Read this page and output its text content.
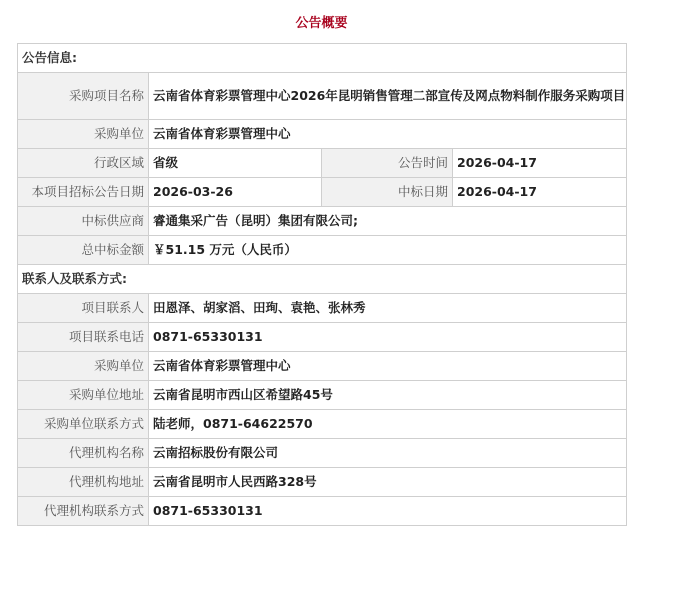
公告概要
公告信息:			
采购项目名称	云南省体育彩票管理中心2026年昆明销售管理二部宣传及网点物料制作服务采购项目		
采购单位	云南省体育彩票管理中心		
行政区域	省级	公告时间	2026-04-17
本项目招标公告日期	2026-03-26	中标日期	2026-04-17
中标供应商	睿通集采广告（昆明）集团有限公司;		
总中标金额	￥51.15 万元（人民币）		
联系人及联系方式:			
项目联系人	田恩泽、胡家滔、田珣、袁艳、张林秀		
项目联系电话	0871-65330131		
采购单位	云南省体育彩票管理中心		
采购单位地址	云南省昆明市西山区希望路45号		
采购单位联系方式	陆老师，0871-64622570		
代理机构名称	云南招标股份有限公司		
代理机构地址	云南省昆明市人民西路328号		
代理机构联系方式	0871-65330131		
